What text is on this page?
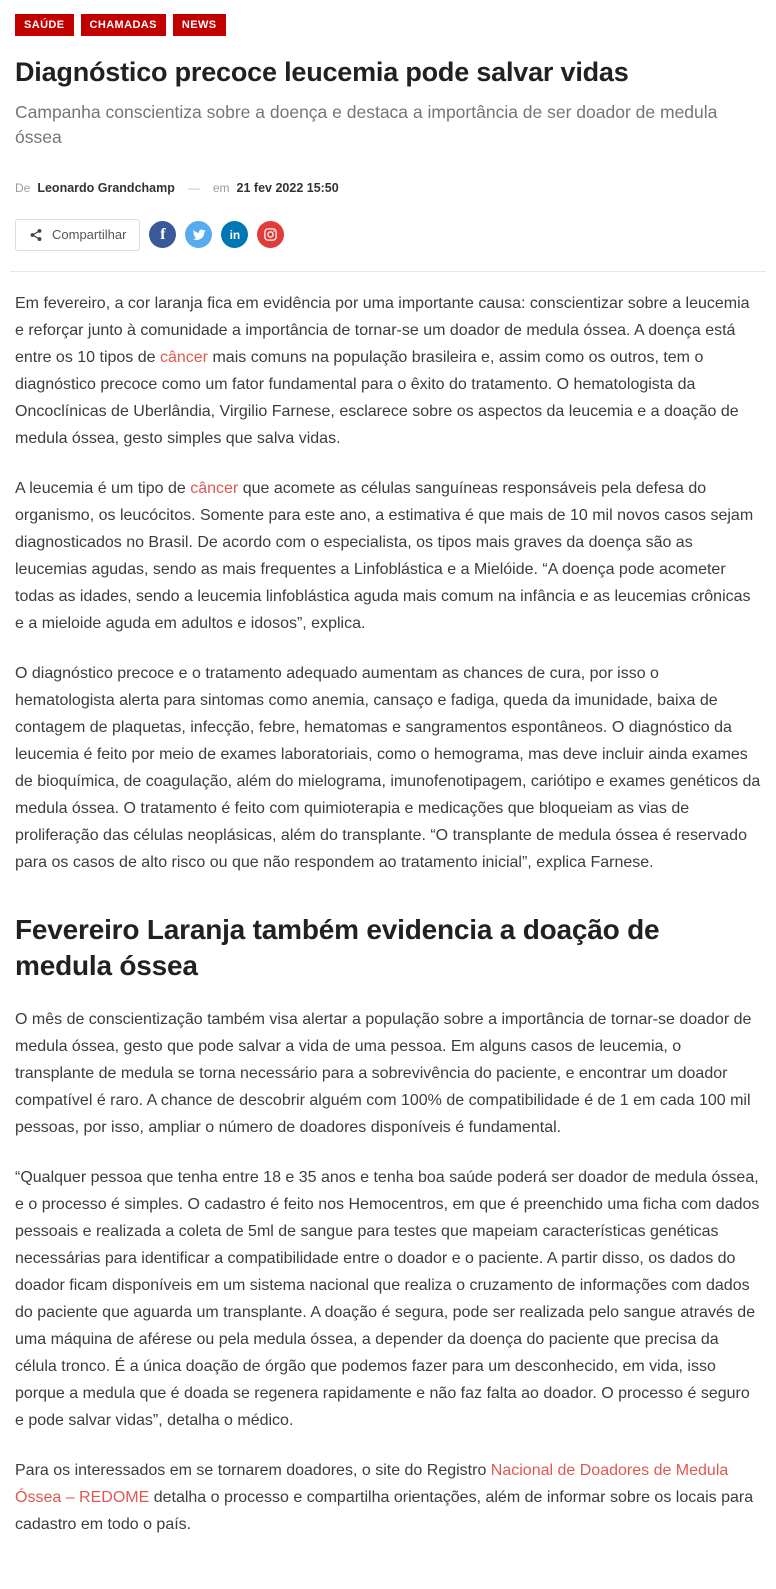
SAÚDE	CHAMADAS	NEWS
Diagnóstico precoce leucemia pode salvar vidas
Campanha conscientiza sobre a doença e destaca a importância de ser doador de medula óssea
De Leonardo Grandchamp	—	em 21 fev 2022 15:50
Compartilhar f	in

Em fevereiro, a cor laranja fica em evidência por uma importante causa: conscientizar sobre a leucemia e reforçar junto à comunidade a importância de tornar-se um doador de medula óssea. A doença está entre os 10 tipos de câncer mais comuns na população brasileira e, assim como os outros, tem o diagnóstico precoce como um fator fundamental para o êxito do tratamento. O hematologista da Oncoclínicas de Uberlândia, Virgilio Farnese, esclarece sobre os aspectos da leucemia e a doação de medula óssea, gesto simples que salva vidas.

A leucemia é um tipo de câncer que acomete as células sanguíneas responsáveis pela defesa do organismo, os leucócitos. Somente para este ano, a estimativa é que mais de 10 mil novos casos sejam diagnosticados no Brasil. De acordo com o especialista, os tipos mais graves da doença são as leucemias agudas, sendo as mais frequentes a Linfoblástica e a Mielóide. “A doença pode acometer todas as idades, sendo a leucemia linfoblástica aguda mais comum na infância e as leucemias crônicas e a mieloide aguda em adultos e idosos”, explica.

O diagnóstico precoce e o tratamento adequado aumentam as chances de cura, por isso o hematologista alerta para sintomas como anemia, cansaço e fadiga, queda da imunidade, baixa de contagem de plaquetas, infecção, febre, hematomas e sangramentos espontâneos. O diagnóstico da leucemia é feito por meio de exames laboratoriais, como o hemograma, mas deve incluir ainda exames de bioquímica, de coagulação, além do mielograma, imunofenotipagem, cariótipo e exames genéticos da medula óssea. O tratamento é feito com quimioterapia e medicações que bloqueiam as vias de proliferação das células neoplásicas, além do transplante. “O transplante de medula óssea é reservado para os casos de alto risco ou que não respondem ao tratamento inicial”, explica Farnese.

Fevereiro Laranja também evidencia a doação de medula óssea

O mês de conscientização também visa alertar a população sobre a importância de tornar-se doador de medula óssea, gesto que pode salvar a vida de uma pessoa. Em alguns casos de leucemia, o transplante de medula se torna necessário para a sobrevivência do paciente, e encontrar um doador compatível é raro. A chance de descobrir alguém com 100% de compatibilidade é de 1 em cada 100 mil pessoas, por isso, ampliar o número de doadores disponíveis é fundamental.

“Qualquer pessoa que tenha entre 18 e 35 anos e tenha boa saúde poderá ser doador de medula óssea, e o processo é simples. O cadastro é feito nos Hemocentros, em que é preenchido uma ficha com dados pessoais e realizada a coleta de 5ml de sangue para testes que mapeiam características genéticas necessárias para identificar a compatibilidade entre o doador e o paciente. A partir disso, os dados do doador ficam disponíveis em um sistema nacional que realiza o cruzamento de informações com dados do paciente que aguarda um transplante. A doação é segura, pode ser realizada pelo sangue através de uma máquina de aférese ou pela medula óssea, a depender da doença do paciente que precisa da célula tronco. É a única doação de órgão que podemos fazer para um desconhecido, em vida, isso porque a medula que é doada se regenera rapidamente e não faz falta ao doador. O processo é seguro e pode salvar vidas”, detalha o médico.

Para os interessados em se tornarem doadores, o site do Registro Nacional de Doadores de Medula Óssea – REDOME detalha o processo e compartilha orientações, além de informar sobre os locais para cadastro em todo o país.
